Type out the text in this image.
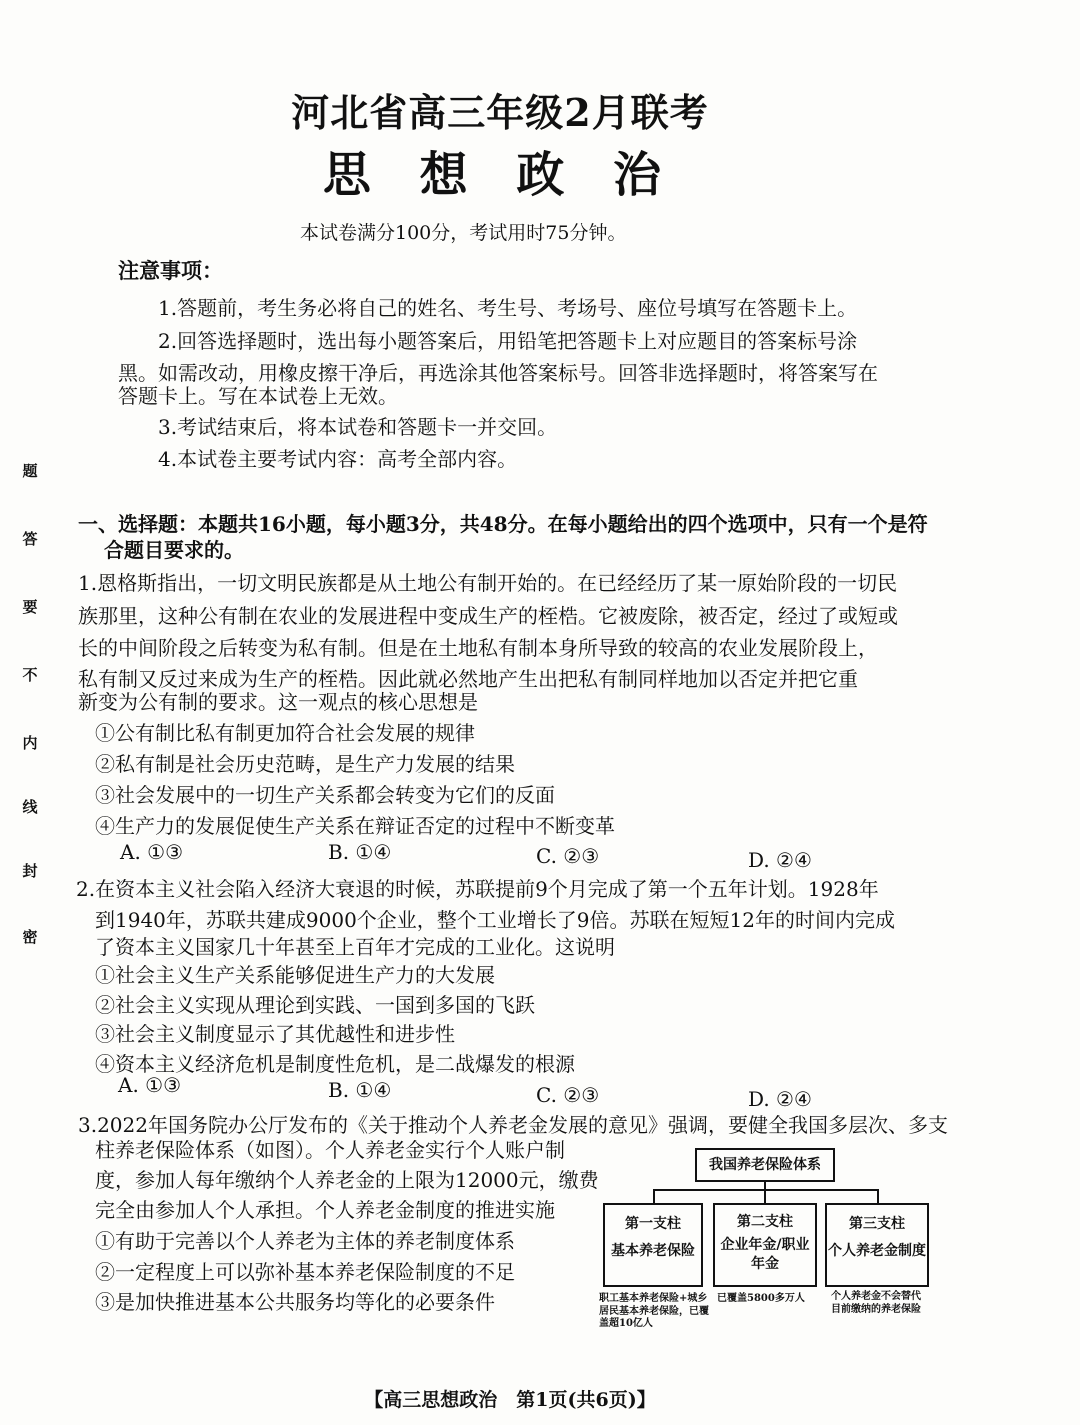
河北省高三年级2月联考
思 想 政 治
本试卷满分100分，考试用时75分钟。
注意事项：
1.答题前，考生务必将自己的姓名、考生号、考场号、座位号填写在答题卡上。
2.回答选择题时，选出每小题答案后，用铅笔把答题卡上对应题目的答案标号涂
黑。如需改动，用橡皮擦干净后，再选涂其他答案标号。回答非选择题时，将答案写在
答题卡上。写在本试卷上无效。
3.考试结束后，将本试卷和答题卡一并交回。
4.本试卷主要考试内容：高考全部内容。
题
答
要
不
内
线
封
密
一、选择题：本题共16小题，每小题3分，共48分。在每小题给出的四个选项中，只有一个是符
合题目要求的。
1.恩格斯指出，一切文明民族都是从土地公有制开始的。在已经经历了某一原始阶段的一切民
族那里，这种公有制在农业的发展进程中变成生产的桎梏。它被废除，被否定，经过了或短或
长的中间阶段之后转变为私有制。但是在土地私有制本身所导致的较高的农业发展阶段上，
私有制又反过来成为生产的桎梏。因此就必然地产生出把私有制同样地加以否定并把它重
新变为公有制的要求。这一观点的核心思想是
①公有制比私有制更加符合社会发展的规律
②私有制是社会历史范畴，是生产力发展的结果
③社会发展中的一切生产关系都会转变为它们的反面
④生产力的发展促使生产关系在辩证否定的过程中不断变革
A. ①③	B. ①④	C. ②③	D. ②④
2.在资本主义社会陷入经济大衰退的时候，苏联提前9个月完成了第一个五年计划。1928年
到1940年，苏联共建成9000个企业，整个工业增长了9倍。苏联在短短12年的时间内完成
了资本主义国家几十年甚至上百年才完成的工业化。这说明
①社会主义生产关系能够促进生产力的大发展
②社会主义实现从理论到实践、一国到多国的飞跃
③社会主义制度显示了其优越性和进步性
④资本主义经济危机是制度性危机，是二战爆发的根源
A. ①③	B. ①④	C. ②③	D. ②④
3.2022年国务院办公厅发布的《关于推动个人养老金发展的意见》强调，要健全我国多层次、多支
柱养老保险体系（如图）。个人养老金实行个人账户制
度，参加人每年缴纳个人养老金的上限为12000元，缴费
完全由参加人个人承担。个人养老金制度的推进实施
①有助于完善以个人养老为主体的养老制度体系
②一定程度上可以弥补基本养老保险制度的不足
③是加快推进基本公共服务均等化的必要条件
我国养老保险体系
第一支柱
基本养老保险
第二支柱
企业年金/职业年金
第三支柱
个人养老金制度
职工基本养老保险+城乡居民基本养老保险，已覆盖超10亿人
已覆盖5800多万人	个人养老金不会替代目前缴纳的养老保险
【高三思想政治　第1页(共6页)】
